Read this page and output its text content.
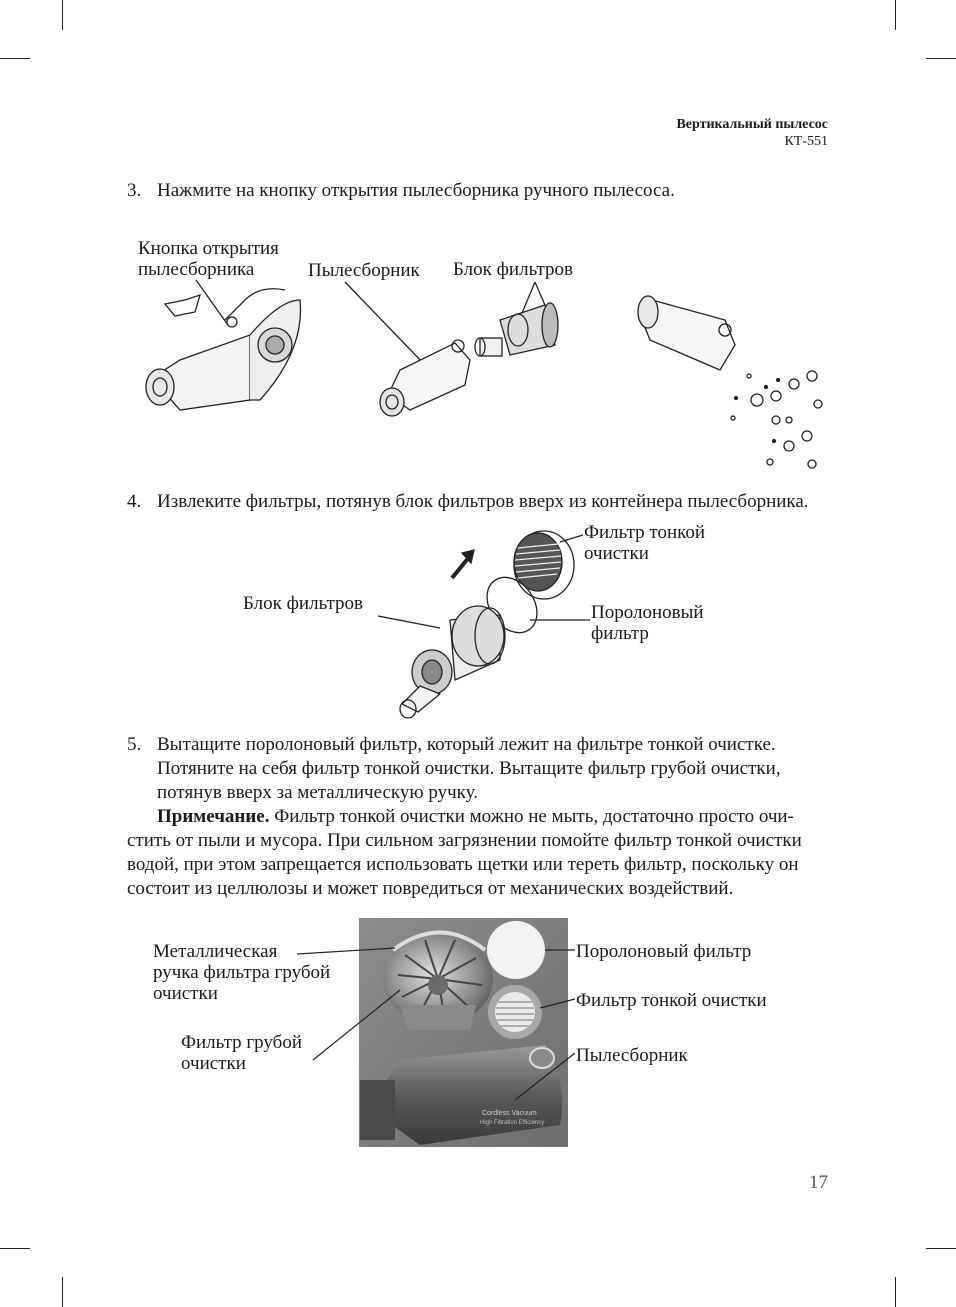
Вертикальный пылесос
КТ-551
3. Нажмите на кнопку открытия пылесборника ручного пылесоса.
Кнопка открытия
пылесборника	Пылесборник Блок фильтров
4. Извлеките фильтры, потянув блок фильтров вверх из контейнера пылесборника.
Фильтр тонкой
очистки
Блок фильтров	Поролоновый
фильтр
5. Вытащите поролоновый фильтр, который лежит на фильтре тонкой очистке.
Потяните на себя фильтр тонкой очистки. Вытащите фильтр грубой очистки,
потянув вверх за металлическую ручку.
Примечание. Фильтр тонкой очистки можно не мыть, достаточно просто очи-
стить от пыли и мусора. При сильном загрязнении помойте фильтр тонкой очистки
водой, при этом запрещается использовать щетки или тереть фильтр, поскольку он
состоит из целлюлозы и может повредиться от механических воздействий.
Металлическая
ручка фильтра грубой
очистки
Фильтр грубой
очистки
Поролоновый фильтр
Фильтр тонкой очистки
Пылесборник
Cordless Vacuum
High Filtration Efficiency
17
